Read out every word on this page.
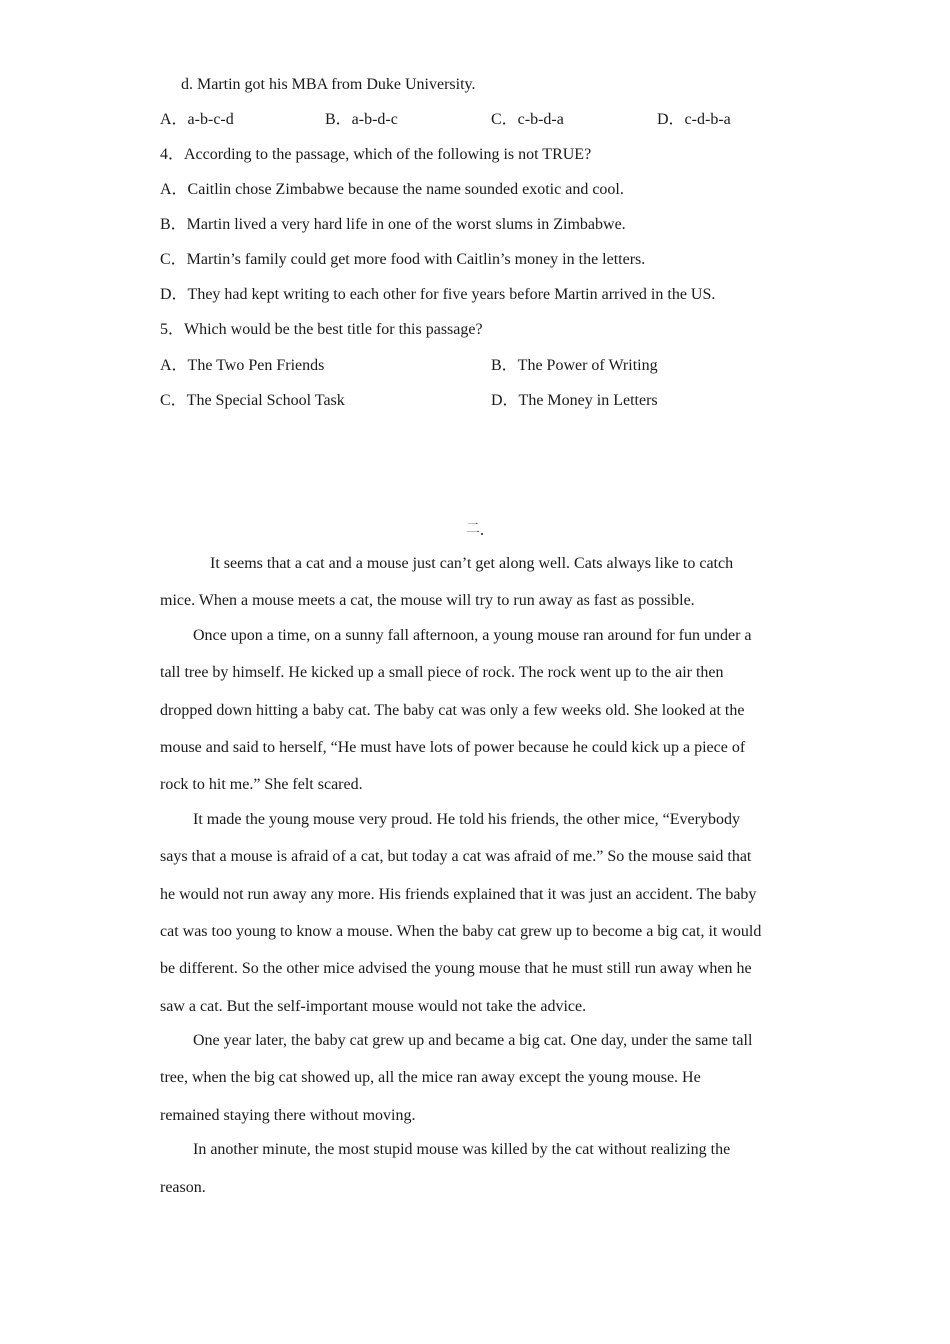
d. Martin got his MBA from Duke University.
A．a-b-c-d	B．a-b-d-c	C．c-b-d-a	D．c-d-b-a
4．According to the passage, which of the following is not TRUE?
A．Caitlin chose Zimbabwe because the name sounded exotic and cool.
B．Martin lived a very hard life in one of the worst slums in Zimbabwe.
C．Martin’s family could get more food with Caitlin’s money in the letters.
D．They had kept writing to each other for five years before Martin arrived in the US.
5．Which would be the best title for this passage?
A．The Two Pen Friends	B．The Power of Writing
C．The Special School Task	D．The Money in Letters
二
It seems that a cat and a mouse just can’t get along well. Cats always like to catch
mice. When a mouse meets a cat, the mouse will try to run away as fast as possible.
Once upon a time, on a sunny fall afternoon, a young mouse ran around for fun under a
tall tree by himself. He kicked up a small piece of rock. The rock went up to the air then
dropped down hitting a baby cat. The baby cat was only a few weeks old. She looked at the
mouse and said to herself, “He must have lots of power because he could kick up a piece of
rock to hit me.” She felt scared.
It made the young mouse very proud. He told his friends, the other mice, “Everybody
says that a mouse is afraid of a cat, but today a cat was afraid of me.” So the mouse said that
he would not run away any more. His friends explained that it was just an accident. The baby
cat was too young to know a mouse. When the baby cat grew up to become a big cat, it would
be different. So the other mice advised the young mouse that he must still run away when he
saw a cat. But the self-important mouse would not take the advice.
One year later, the baby cat grew up and became a big cat. One day, under the same tall
tree, when the big cat showed up, all the mice ran away except the young mouse. He
remained staying there without moving.
In another minute, the most stupid mouse was killed by the cat without realizing the
reason.
